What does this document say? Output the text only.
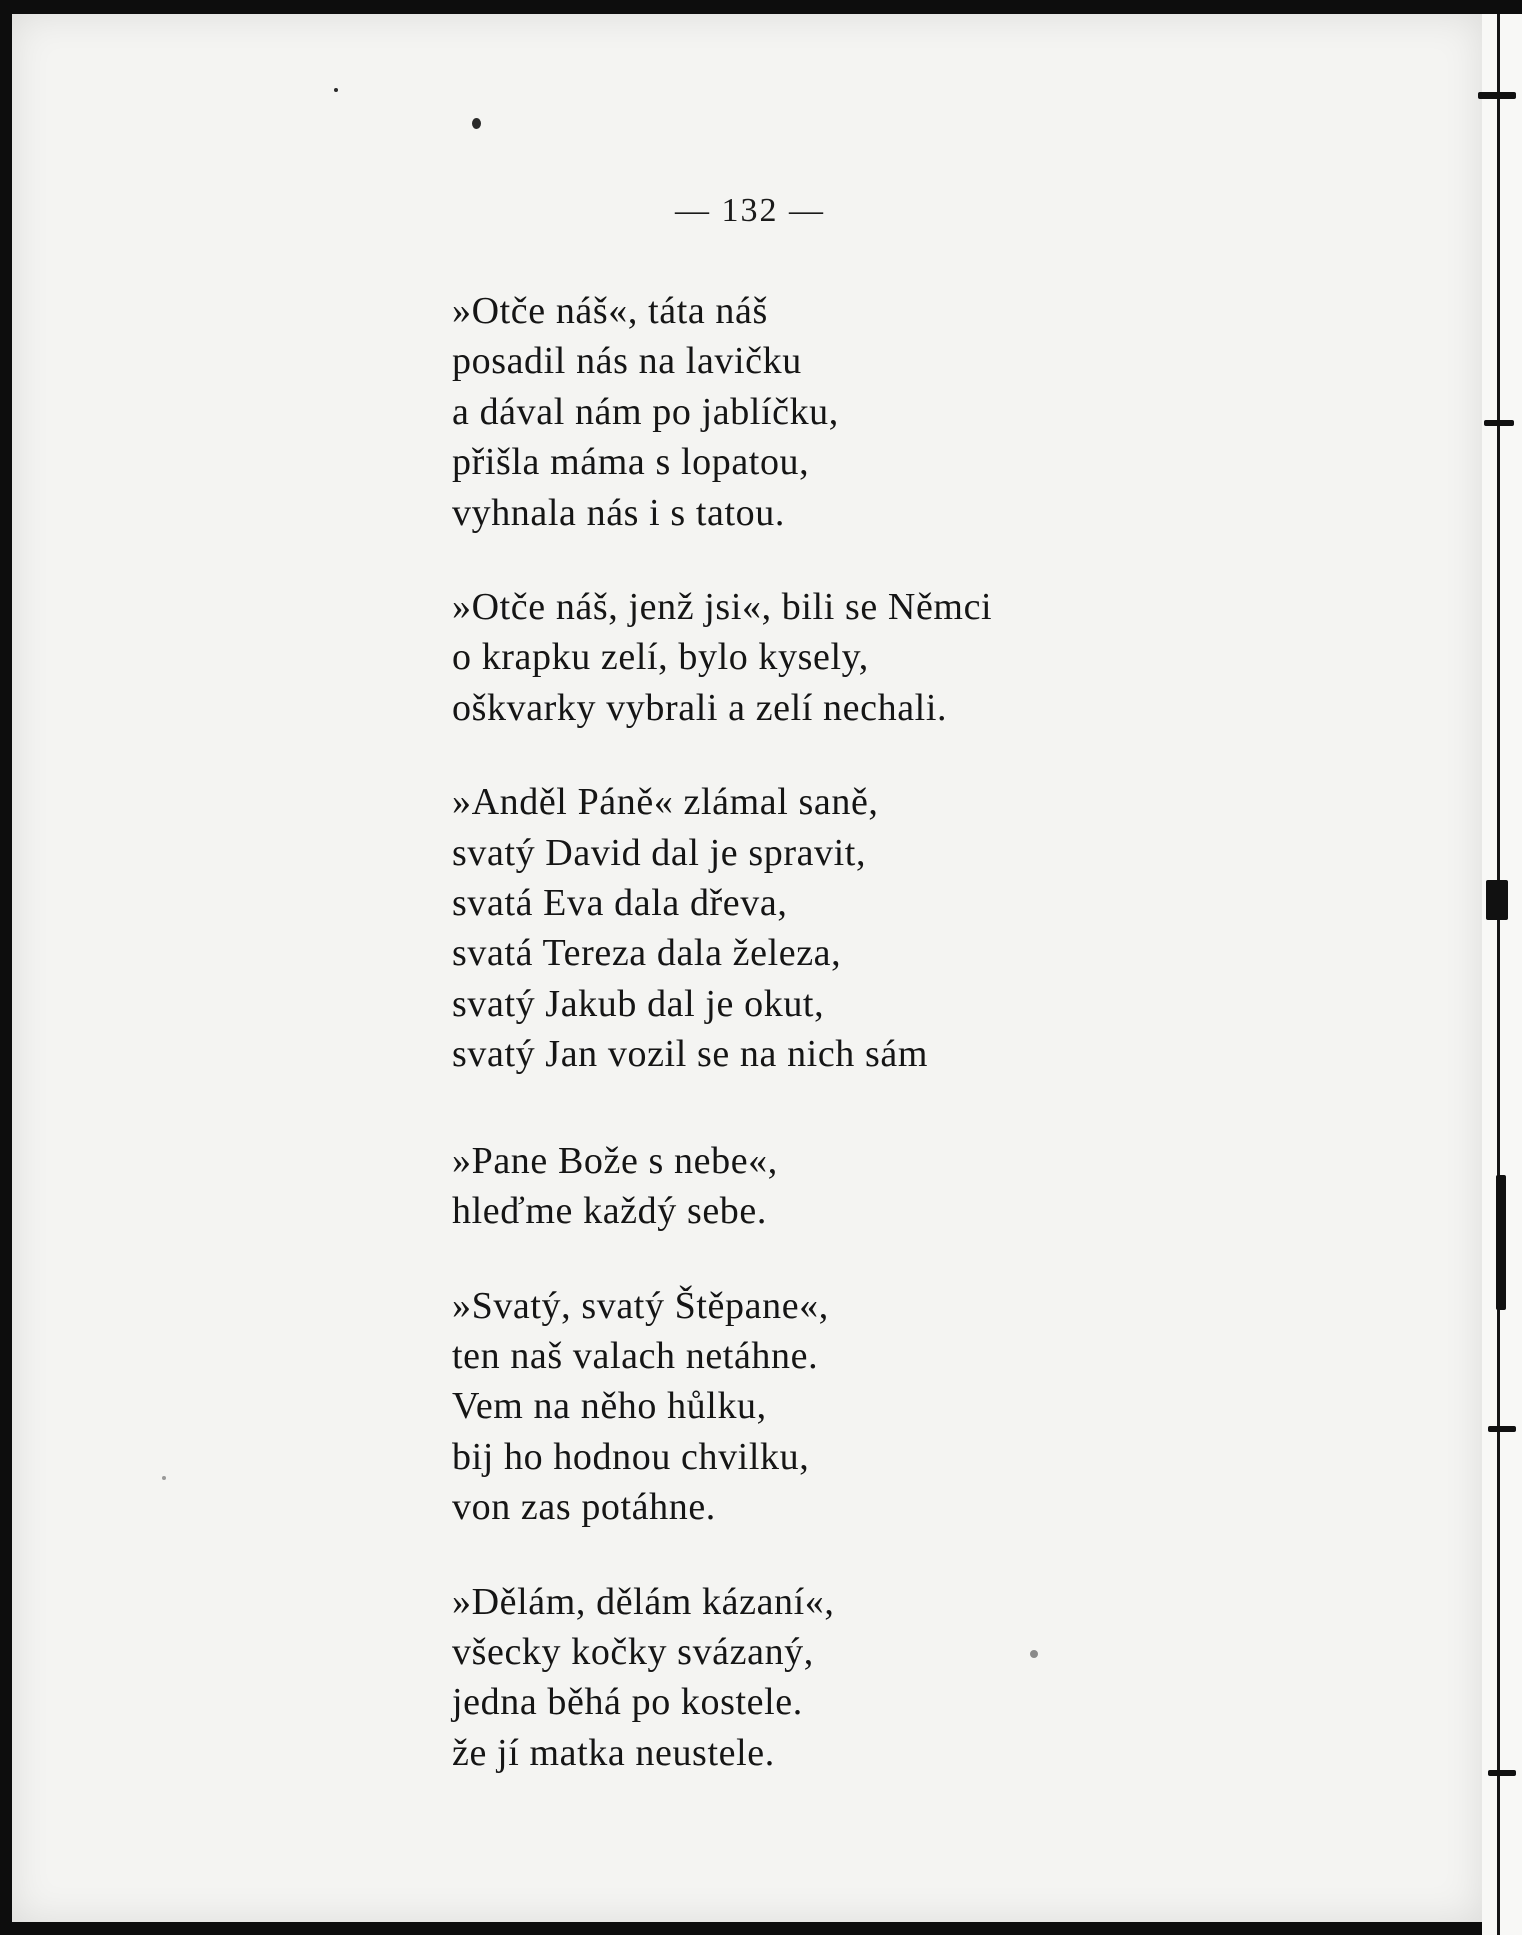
— 132 —
»Otče náš«, táta náš
posadil nás na lavičku
a dával nám po jablíčku,
přišla máma s lopatou,
vyhnala nás i s tatou.
»Otče náš, jenž jsi«, bili se Němci
o krapku zelí, bylo kysely,
oškvarky vybrali a zelí nechali.
»Anděl Páně« zlámal saně,
svatý David dal je spravit,
svatá Eva dala dřeva,
svatá Tereza dala železa,
svatý Jakub dal je okut,
svatý Jan vozil se na nich sám
»Pane Bože s nebe«,
hleďme každý sebe.
»Svatý, svatý Štěpane«,
ten naš valach netáhne.
Vem na něho hůlku,
bij ho hodnou chvilku,
von zas potáhne.
»Dělám, dělám kázaní«,
všecky kočky svázaný,
jedna běhá po kostele.
že jí matka neustele.
